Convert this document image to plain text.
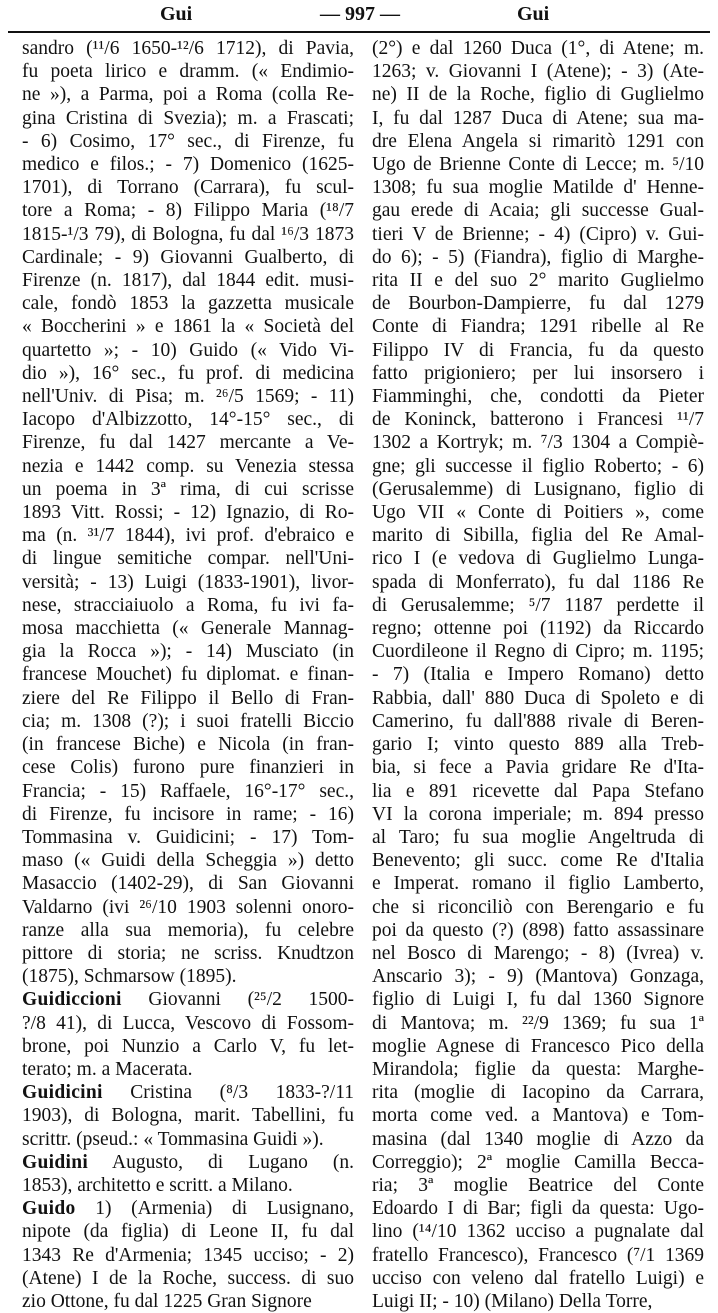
Gui	— 997 —	Gui

sandro (¹¹/6 1650-¹²/6 1712), di Pavia,

fu poeta lirico e dramm. (« Endimio-

ne »), a Parma, poi a Roma (colla Re-

gina Cristina di Svezia); m. a Frascati;

- 6) Cosimo, 17° sec., di Firenze, fu

medico e filos.; - 7) Domenico (1625-

1701), di Torrano (Carrara), fu scul-

tore a Roma; - 8) Filippo Maria (¹⁸/7

1815-¹/3 79), di Bologna, fu dal ¹⁶/3 1873

Cardinale; - 9) Giovanni Gualberto, di

Firenze (n. 1817), dal 1844 edit. musi-

cale, fondò 1853 la gazzetta musicale

« Boccherini » e 1861 la « Società del

quartetto »; - 10) Guido (« Vido Vi-

dio »), 16° sec., fu prof. di medicina

nell'Univ. di Pisa; m. ²⁶/5 1569; - 11)

Iacopo d'Albizzotto, 14°-15° sec., di

Firenze, fu dal 1427 mercante a Ve-

nezia e 1442 comp. su Venezia stessa

un poema in 3ª rima, di cui scrisse

1893 Vitt. Rossi; - 12) Ignazio, di Ro-

ma (n. ³¹/7 1844), ivi prof. d'ebraico e

di lingue semitiche compar. nell'Uni-

versità; - 13) Luigi (1833-1901), livor-

nese, stracciaiuolo a Roma, fu ivi fa-

mosa macchietta (« Generale Mannag-

gia la Rocca »); - 14) Musciato (in

francese Mouchet) fu diplomat. e finan-

ziere del Re Filippo il Bello di Fran-

cia; m. 1308 (?); i suoi fratelli Biccio

(in francese Biche) e Nicola (in fran-

cese Colis) furono pure finanzieri in

Francia; - 15) Raffaele, 16°-17° sec.,

di Firenze, fu incisore in rame; - 16)

Tommasina v. Guidicini; - 17) Tom-

maso (« Guidi della Scheggia ») detto

Masaccio (1402-29), di San Giovanni

Valdarno (ivi ²⁶/10 1903 solenni onoro-

ranze alla sua memoria), fu celebre

pittore di storia; ne scriss. Knudtzon

(1875), Schmarsow (1895).

Guidiccioni Giovanni (²⁵/2 1500-

?/8 41), di Lucca, Vescovo di Fossom-

brone, poi Nunzio a Carlo V, fu let-

terato; m. a Macerata.

Guidicini Cristina (⁸/3 1833-?/11

1903), di Bologna, marit. Tabellini, fu

scrittr. (pseud.: « Tommasina Guidi »).

Guidini Augusto, di Lugano (n.

1853), architetto e scritt. a Milano.

Guido 1) (Armenia) di Lusignano,

nipote (da figlia) di Leone II, fu dal

1343 Re d'Armenia; 1345 ucciso; - 2)

(Atene) I de la Roche, success. di suo

zio Ottone, fu dal 1225 Gran Signore

(2°) e dal 1260 Duca (1°, di Atene; m.

1263; v. Giovanni I (Atene); - 3) (Ate-

ne) II de la Roche, figlio di Guglielmo

I, fu dal 1287 Duca di Atene; sua ma-

dre Elena Angela si rimaritò 1291 con

Ugo de Brienne Conte di Lecce; m. ⁵/10

1308; fu sua moglie Matilde d' Henne-

gau erede di Acaia; gli successe Gual-

tieri V de Brienne; - 4) (Cipro) v. Gui-

do 6); - 5) (Fiandra), figlio di Marghe-

rita II e del suo 2° marito Guglielmo

de Bourbon-Dampierre, fu dal 1279

Conte di Fiandra; 1291 ribelle al Re

Filippo IV di Francia, fu da questo

fatto prigioniero; per lui insorsero i

Fiamminghi, che, condotti da Pieter

de Koninck, batterono i Francesi ¹¹/7

1302 a Kortryk; m. ⁷/3 1304 a Compiè-

gne; gli successe il figlio Roberto; - 6)

(Gerusalemme) di Lusignano, figlio di

Ugo VII « Conte di Poitiers », come

marito di Sibilla, figlia del Re Amal-

rico I (e vedova di Guglielmo Lunga-

spada di Monferrato), fu dal 1186 Re

di Gerusalemme; ⁵/7 1187 perdette il

regno; ottenne poi (1192) da Riccardo

Cuordileone il Regno di Cipro; m. 1195;

- 7) (Italia e Impero Romano) detto

Rabbia, dall' 880 Duca di Spoleto e di

Camerino, fu dall'888 rivale di Beren-

gario I; vinto questo 889 alla Treb-

bia, si fece a Pavia gridare Re d'Ita-

lia e 891 ricevette dal Papa Stefano

VI la corona imperiale; m. 894 presso

al Taro; fu sua moglie Angeltruda di

Benevento; gli succ. come Re d'Italia

e Imperat. romano il figlio Lamberto,

che si riconciliò con Berengario e fu

poi da questo (?) (898) fatto assassinare

nel Bosco di Marengo; - 8) (Ivrea) v.

Anscario 3); - 9) (Mantova) Gonzaga,

figlio di Luigi I, fu dal 1360 Signore

di Mantova; m. ²²/9 1369; fu sua 1ª

moglie Agnese di Francesco Pico della

Mirandola; figlie da questa: Marghe-

rita (moglie di Iacopino da Carrara,

morta come ved. a Mantova) e Tom-

masina (dal 1340 moglie di Azzo da

Correggio); 2ª moglie Camilla Becca-

ria; 3ª moglie Beatrice del Conte

Edoardo I di Bar; figli da questa: Ugo-

lino (¹⁴/10 1362 ucciso a pugnalate dal

fratello Francesco), Francesco (⁷/1 1369

ucciso con veleno dal fratello Luigi) e

Luigi II; - 10) (Milano) Della Torre,
